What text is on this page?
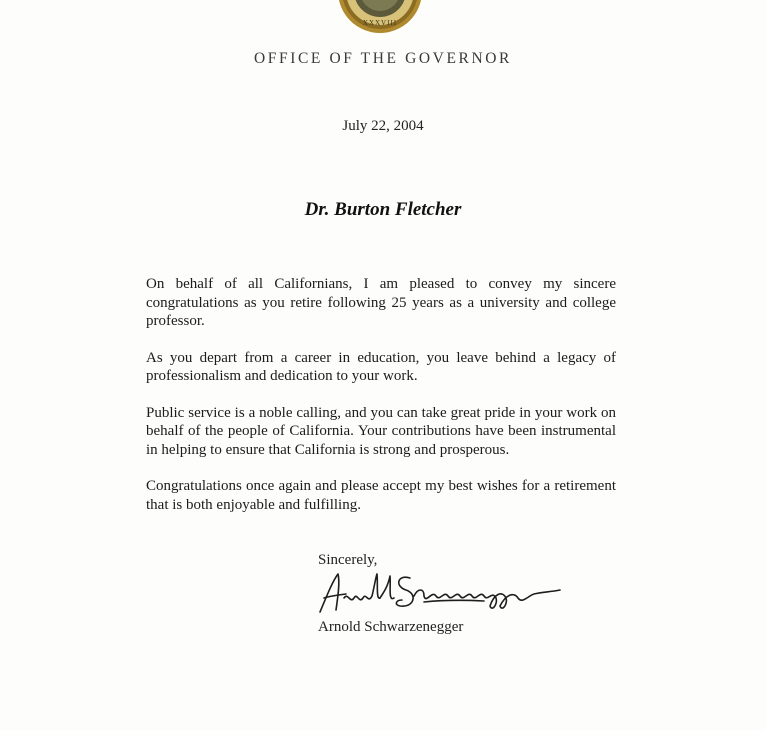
XXXVIII
OFFICE OF THE GOVERNOR
July 22, 2004
Dr. Burton Fletcher

On behalf of all Californians, I am pleased to convey my sincere congratulations as you retire following 25 years as a university and college professor.

As you depart from a career in education, you leave behind a legacy of professionalism and dedication to your work.

Public service is a noble calling, and you can take great pride in your work on behalf of the people of California. Your contributions have been instrumental in helping to ensure that California is strong and prosperous.

Congratulations once again and please accept my best wishes for a retirement that is both enjoyable and fulfilling.

Sincerely,
Arnold Schwarzenegger
